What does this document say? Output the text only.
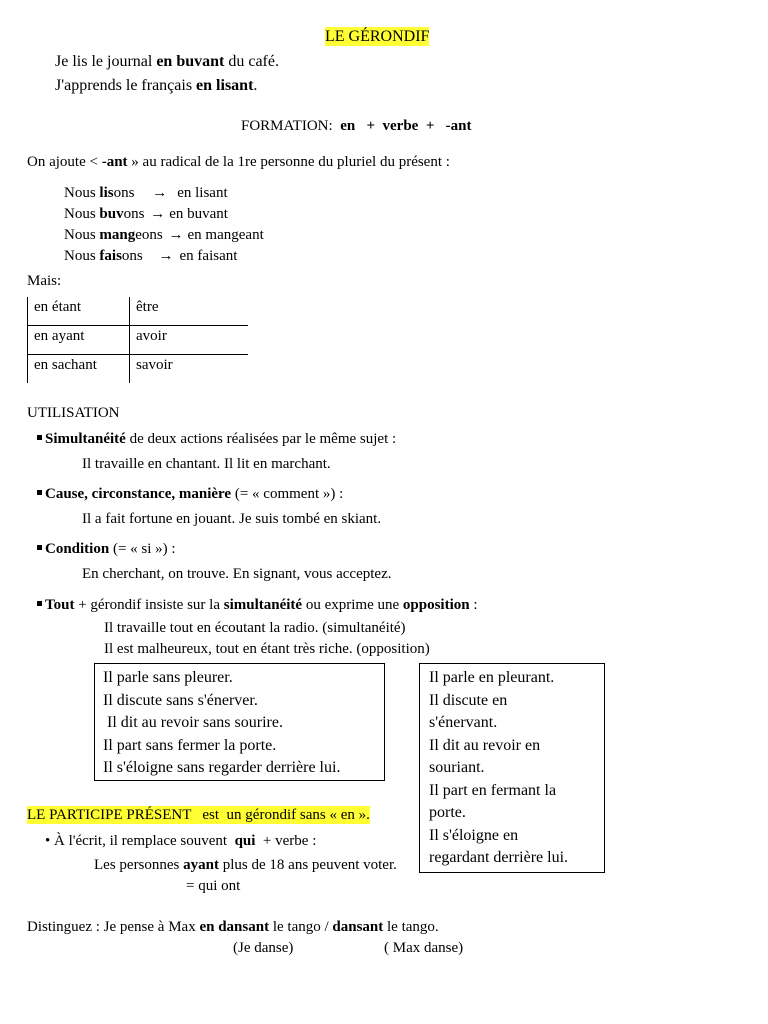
LE GÉRONDIF
Je lis le journal en buvant du café.
J'apprends le français en lisant.
FORMATION: en + verbe + -ant
On ajoute < -ant » au radical de la 1re personne du pluriel du présent :
Nous lisons → en lisant
Nous buvons → en buvant
Nous mangeons → en mangeant
Nous faisons → en faisant
Mais:
en étant	être
en ayant	avoir
en sachant	savoir
UTILISATION
Simultanéité de deux actions réalisées par le même sujet :
Il travaille en chantant. Il lit en marchant.
Cause, circonstance, manière (= « comment ») :
Il a fait fortune en jouant. Je suis tombé en skiant.
Condition (= « si ») :
En cherchant, on trouve. En signant, vous acceptez.
Tout + gérondif insiste sur la simultanéité ou exprime une opposition :
Il travaille tout en écoutant la radio. (simultanéité)
Il est malheureux, tout en étant très riche. (opposition)
Il parle sans pleurer.
Il discute sans s'énerver.
Il dit au revoir sans sourire.
Il part sans fermer la porte.
Il s'éloigne sans regarder derrière lui.
Il parle en pleurant.
Il discute en
s'énervant.
Il dit au revoir en
souriant.
Il part en fermant la
porte.
Il s'éloigne en
regardant derrière lui.
LE PARTICIPE PRÉSENT   est  un gérondif sans « en ».
• À l'écrit, il remplace souvent  qui  + verbe :
Les personnes ayant plus de 18 ans peuvent voter.
= qui ont
Distinguez : Je pense à Max en dansant le tango / dansant le tango.
(Je danse)	( Max danse)
